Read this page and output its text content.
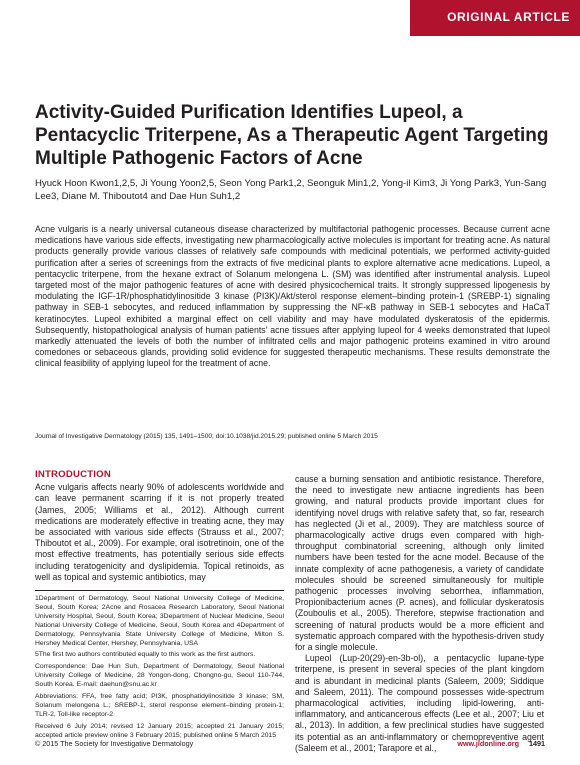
ORIGINAL ARTICLE
Activity-Guided Purification Identifies Lupeol, a Pentacyclic Triterpene, As a Therapeutic Agent Targeting Multiple Pathogenic Factors of Acne
Hyuck Hoon Kwon1,2,5, Ji Young Yoon2,5, Seon Yong Park1,2, Seonguk Min1,2, Yong-il Kim3, Ji Yong Park3, Yun-Sang Lee3, Diane M. Thiboutot4 and Dae Hun Suh1,2

Acne vulgaris is a nearly universal cutaneous disease characterized by multifactorial pathogenic processes. Because current acne medications have various side effects, investigating new pharmacologically active molecules is important for treating acne. As natural products generally provide various classes of relatively safe compounds with medicinal potentials, we performed activity-guided purification after a series of screenings from the extracts of five medicinal plants to explore alternative acne medications. Lupeol, a pentacyclic triterpene, from the hexane extract of Solanum melongena L. (SM) was identified after instrumental analysis. Lupeol targeted most of the major pathogenic features of acne with desired physicochemical traits. It strongly suppressed lipogenesis by modulating the IGF-1R/phosphatidylinositide 3 kinase (PI3K)/Akt/sterol response element–binding protein-1 (SREBP-1) signaling pathway in SEB-1 sebocytes, and reduced inflammation by suppressing the NF-κB pathway in SEB-1 sebocytes and HaCaT keratinocytes. Lupeol exhibited a marginal effect on cell viability and may have modulated dyskeratosis of the epidermis. Subsequently, histopathological analysis of human patients' acne tissues after applying lupeol for 4 weeks demonstrated that lupeol markedly attenuated the levels of both the number of infiltrated cells and major pathogenic proteins examined in vitro around comedones or sebaceous glands, providing solid evidence for suggested therapeutic mechanisms. These results demonstrate the clinical feasibility of applying lupeol for the treatment of acne.

Journal of Investigative Dermatology (2015) 135, 1491–1500; doi:10.1038/jid.2015.29; published online 5 March 2015
INTRODUCTION

Acne vulgaris affects nearly 90% of adolescents worldwide and can leave permanent scarring if it is not properly treated (James, 2005; Williams et al., 2012). Although current medications are moderately effective in treating acne, they may be associated with various side effects (Strauss et al., 2007; Thiboutot et al., 2009). For example, oral isotretinoin, one of the most effective treatments, has potentially serious side effects including teratogenicity and dyslipidemia. Topical retinoids, as well as topical and systemic antibiotics, may

1Department of Dermatology, Seoul National University College of Medicine, Seoul, South Korea; 2Acne and Rosacea Research Laboratory, Seoul National University Hospital, Seoul, South Korea; 3Department of Nuclear Medicine, Seoul National University College of Medicine, Seoul, South Korea and 4Department of Dermatology, Pennsylvania State University College of Medicine, Milton S. Hershey Medical Center, Hershey, Pennsylvania, USA

5The first two authors contributed equally to this work as the first authors.

Correspondence: Dae Hun Suh, Department of Dermatology, Seoul National University College of Medicine, 28 Yongon-dong, Chongno-gu, Seoul 110-744, South Korea. E-mail: daehun@snu.ac.kr

Abbreviations: FFA, free fatty acid; PI3K, phosphatidylinositide 3 kinase; SM, Solanum melongena L.; SREBP-1, sterol response element–binding protein-1; TLR-2, Toll-like receptor-2

Received 6 July 2014; revised 12 January 2015; accepted 21 January 2015; accepted article preview online 3 February 2015; published online 5 March 2015

cause a burning sensation and antibiotic resistance. Therefore, the need to investigate new antiacne ingredients has been growing, and natural products provide important clues for identifying novel drugs with relative safety that, so far, research has neglected (Ji et al., 2009). They are matchless source of pharmacologically active drugs even compared with high-throughput combinatorial screening, although only limited numbers have been tested for the acne model. Because of the innate complexity of acne pathogenesis, a variety of candidate molecules should be screened simultaneously for multiple pathogenic processes involving seborrhea, inflammation, Propionibacterium acnes (P. acnes), and follicular dyskeratosis (Zouboulis et al., 2005). Therefore, stepwise fractionation and screening of natural products would be a more efficient and systematic approach compared with the hypothesis-driven study for a single molecule.

Lupeol (Lup-20(29)-en-3b-ol), a pentacyclic lupane-type triterpene, is present in several species of the plant kingdom and is abundant in medicinal plants (Saleem, 2009; Siddique and Saleem, 2011). The compound possesses wide-spectrum pharmacological activities, including lipid-lowering, anti-inflammatory, and anticancerous effects (Lee et al., 2007; Liu et al., 2013). In addition, a few preclinical studies have suggested its potential as an anti-inflammatory or chemopreventive agent (Saleem et al., 2001; Tarapore et al.,

© 2015 The Society for Investigative Dermatology	www.jidonline.org 1491
